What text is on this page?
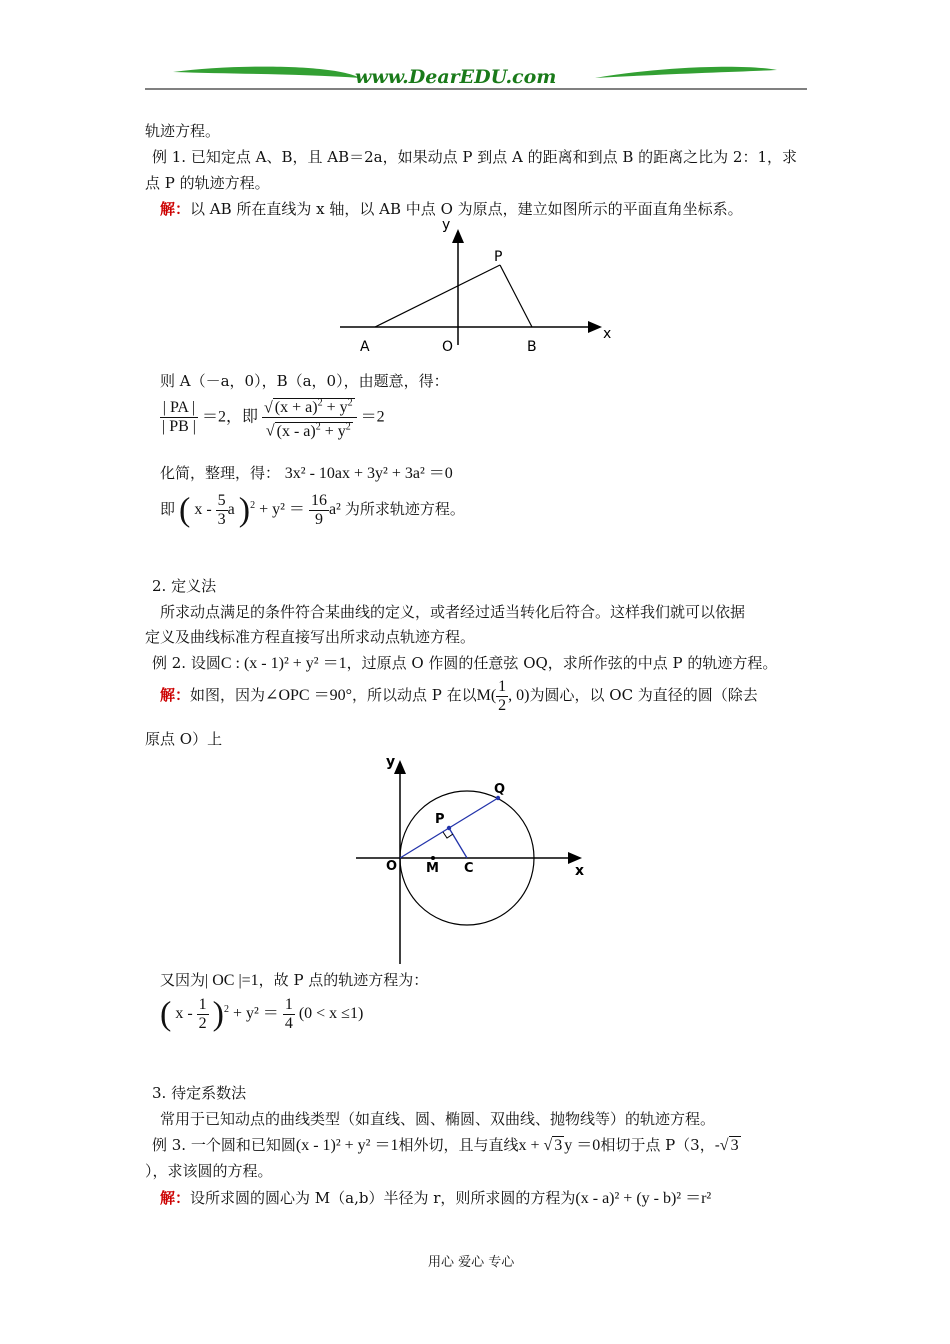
www.DearEDU.com
轨迹方程。
例 1. 已知定点 A、B，且 AB＝2a，如果动点 P 到点 A 的距离和到点 B 的距离之比为 2：1，求
点 P 的轨迹方程。
解：以 AB 所在直线为 x 轴，以 AB 中点 O 为原点，建立如图所示的平面直角坐标系。
y
x
P
A	O	B
则 A（－a，0），B（a，0），由题意，得：
$\frac{| PA |}{| PB |} =2$，即 $\frac{√ (x + a)^2 + y^2}{√ (x - a)^2 + y^2} =2$
化简，整理，得： 3x² - 10ax + 3y² + 3a² ＝0
即 ( x - $\frac{5}{3}$ a )$^2 + y^2 = \frac{16}{9} a^2$ 为所求轨迹方程。
2. 定义法
所求动点满足的条件符合某曲线的定义，或者经过适当转化后符合。这样我们就可以依据
定义及曲线标准方程直接写出所求动点轨迹方程。
例 2. 设圆C : (x - 1)² + y² ＝1，过原点 O 作圆的任意弦 OQ，求所作弦的中点 P 的轨迹方程。
解：如图，因为∠OPC ＝90°，所以动点 P 在以$M( \frac{1}{2}$ , 0)为圆心，以 OC 为直径的圆（除去
原点 O）上
y
x
Q
P
O M C
又因为| OC |=1，故 P 点的轨迹方程为：
( $x - \frac{1}{2} )^2 + y^2 = \frac{1}{4} (0 < x \le 1)$
3. 待定系数法
常用于已知动点的曲线类型（如直线、圆、椭圆、双曲线、抛物线等）的轨迹方程。
例 3. 一个圆和已知圆(x - 1)² + y² ＝1相外切，且与直线x + √ 3 y ＝0相切于点 P（3，-√ 3
），求该圆的方程。
解：设所求圆的圆心为 M（a,b）半径为 r，则所求圆的方程为(x - a)² + (y - b)² ＝r²
用心 爱心 专心
